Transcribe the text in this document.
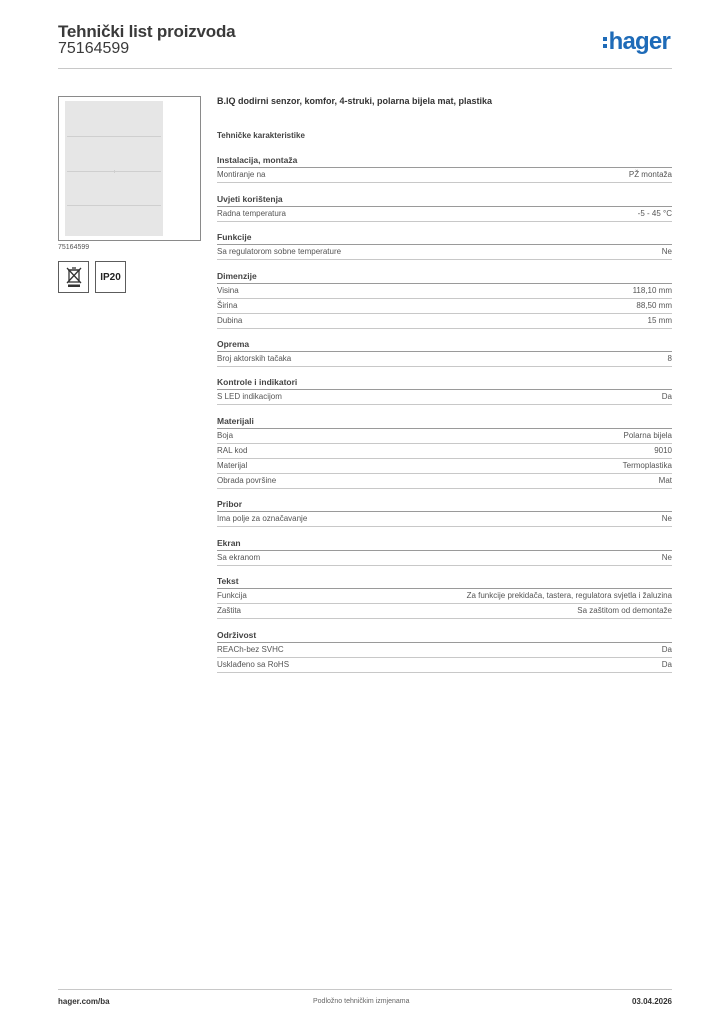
Tehnički list proizvoda
75164599	hager
75164599
IP20
B.IQ dodirni senzor, komfor, 4-struki, polarna bijela mat, plastika
Tehničke karakteristike
Instalacija, montaža
Montiranje na	PŽ montaža
Uvjeti korištenja
Radna temperatura	-5 - 45 °C
Funkcije
Sa regulatorom sobne temperature	Ne
Dimenzije
Visina	118,10 mm
Širina	88,50 mm
Dubina	15 mm
Oprema
Broj aktorskih tačaka	8
Kontrole i indikatori
S LED indikacijom	Da
Materijali
Boja	Polarna bijela
RAL kod	9010
Materijal	Termoplastika
Obrada površine	Mat
Pribor
Ima polje za označavanje	Ne
Ekran
Sa ekranom	Ne
Tekst
Funkcija	Za funkcije prekidača, tastera, regulatora svjetla i žaluzina
Zaštita	Sa zaštitom od demontaže
Održivost
REACh-bez SVHC	Da
Usklađeno sa RoHS	Da
hager.com/ba	Podložno tehničkim izmjenama	03.04.2026
